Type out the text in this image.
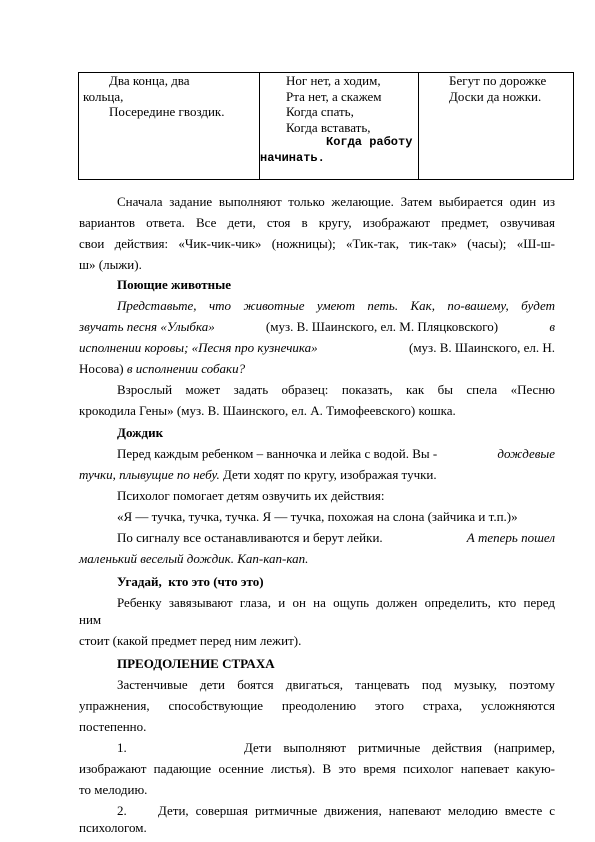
Два конца, два
кольца,
Посередине гвоздик.

Ног нет, а ходим,
Рта нет, а скажем
Когда спать,
Когда вставать,
Когда работу
начинать.

Бегут по дорожке
Доски да ножки.
Сначала задание выполняют только желающие. Затем выбирается один из
вариантов ответа. Все дети, стоя в кругу, изображают предмет, озвучивая
свои действия: «Чик-чик-чик» (ножницы); «Тик-так, тик-так» (часы); «Ш-ш-
ш» (лыжи).
Поющие животные
Представьте, что животные умеют петь. Как, по-вашему, будет
звучать песня «Улыбка»	(муз. В. Шаинского, ел. М. Пляцковского)	в
исполнении коровы; «Песня про кузнечика»	(муз. В. Шаинского, ел. Н.
Носова) в исполнении собаки?
Взрослый может задать образец: показать, как бы спела «Песню
крокодила Гены» (муз. В. Шаинского, ел. А. Тимофеевского) кошка.
Дождик
Перед каждым ребенком – ванночка и лейка с водой. Вы -	дождевые
тучки, плывущие по небу. Дети ходят по кругу, изображая тучки.
Психолог помогает детям озвучить их действия:
«Я — тучка, тучка, тучка. Я — тучка, похожая на слона (зайчика и т.п.)»
По сигналу все останавливаются и берут лейки.	А теперь пошел
маленький веселый дождик. Кап-кап-кап.
Угадай,  кто это (что это)
Ребенку завязывают глаза, и он на ощупь должен определить, кто перед
ним
стоит (какой предмет перед ним лежит).
ПРЕОДОЛЕНИЕ СТРАХА
Застенчивые дети боятся двигаться, танцевать под музыку, поэтому
упражнения, способствующие преодолению этого страха, усложняются
постепенно.
1.	Дети выполняют ритмичные действия (например,
изображают падающие осенние листья). В это время психолог напевает какую-
то мелодию.
2. Дети, совершая ритмичные движения, напевают мелодию вместе с
психологом.
